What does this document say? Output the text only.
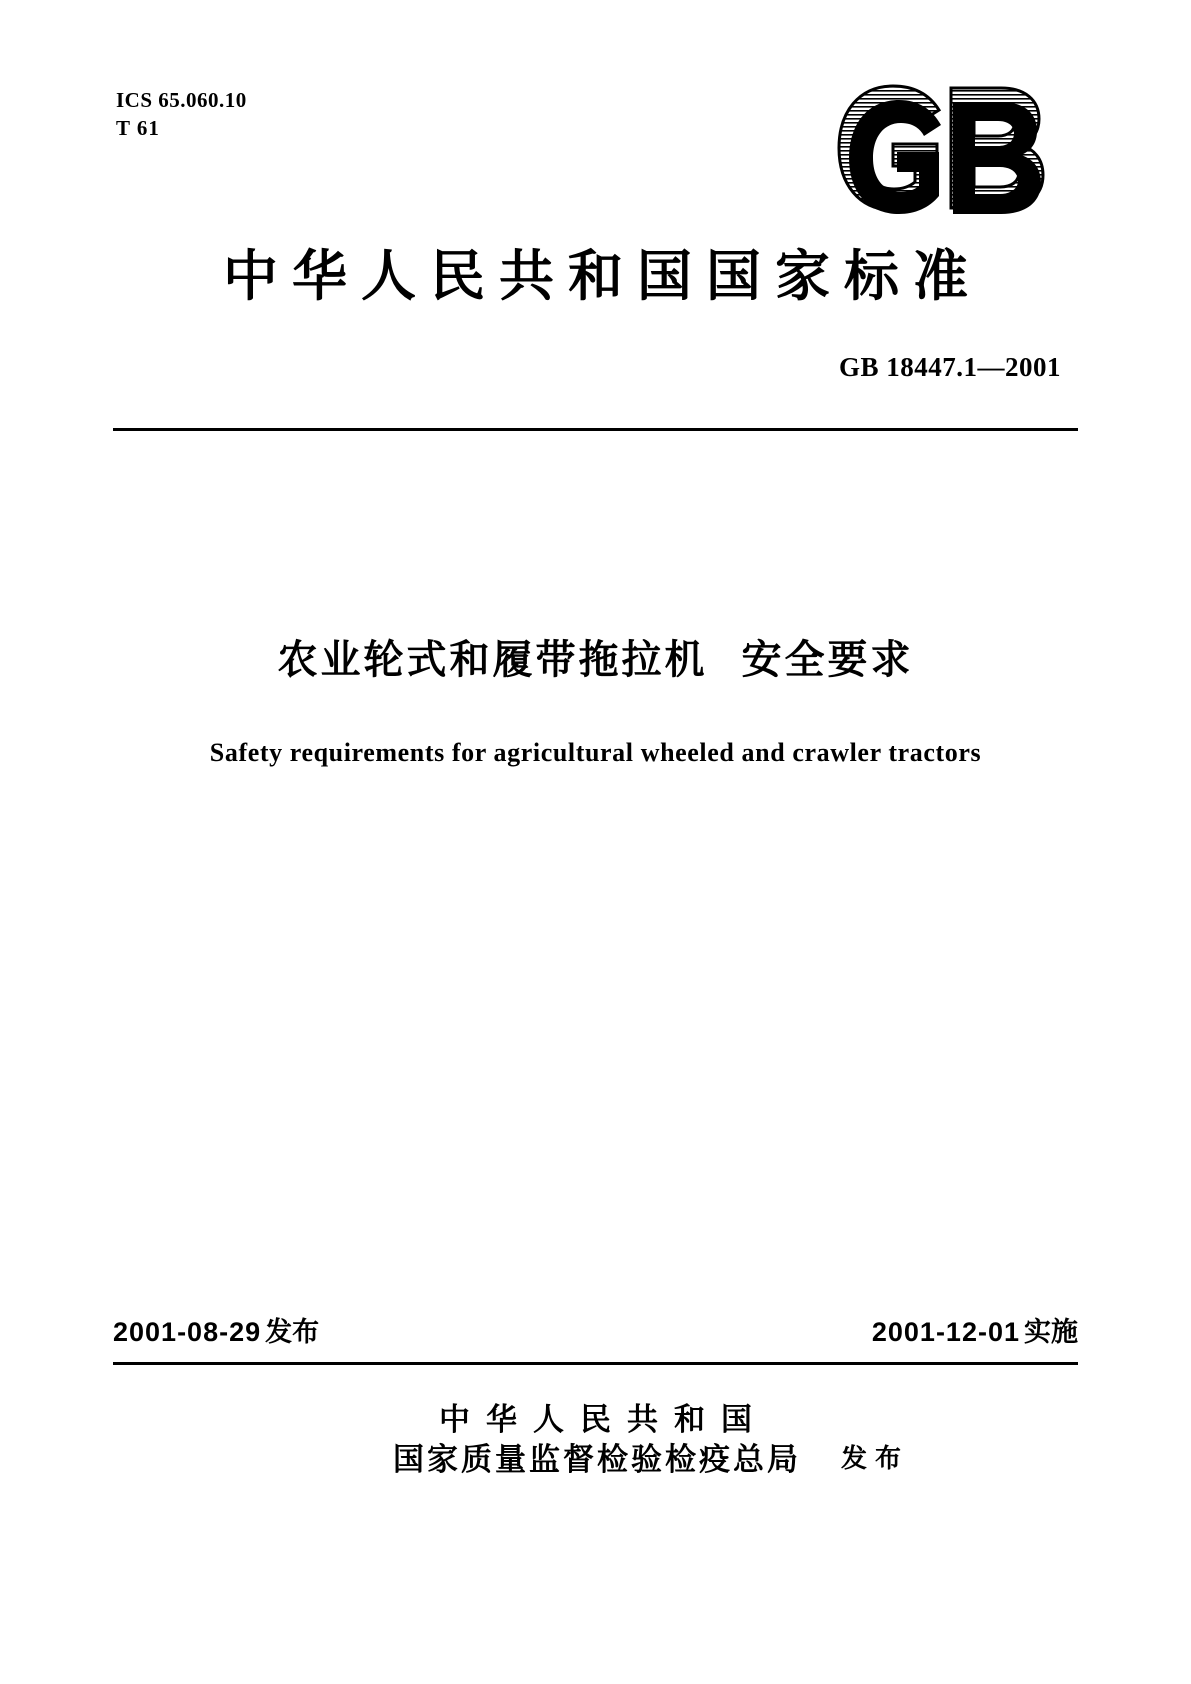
ICS 65.060.10
T 61
中华人民共和国国家标准
GB 18447.1—2001
农业轮式和履带拖拉机 安全要求
Safety requirements for agricultural wheeled and crawler tractors
2001-08-29 发布	2001-12-01 实施
中华人民共和国
国家质量监督检验检疫总局 发布
